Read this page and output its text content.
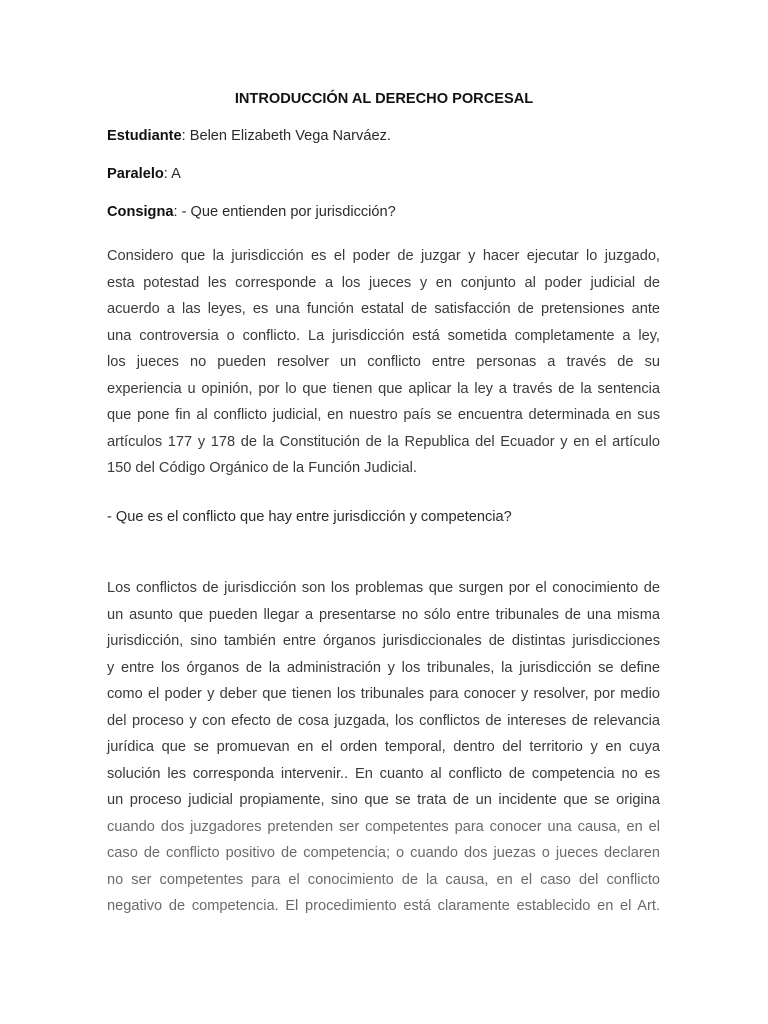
INTRODUCCIÓN AL DERECHO PORCESAL

Estudiante: Belen Elizabeth Vega Narváez.

Paralelo: A

Consigna: - Que entienden por jurisdicción?

Considero que la jurisdicción es el poder de juzgar y hacer ejecutar lo juzgado,
esta potestad les corresponde a los jueces y en conjunto al poder judicial de
acuerdo a las leyes, es una función estatal de satisfacción de pretensiones ante
una controversia o conflicto. La jurisdicción está sometida completamente a ley,
los jueces no pueden resolver un conflicto entre personas a través de su
experiencia u opinión, por lo que tienen que aplicar la ley a través de la sentencia
que pone fin al conflicto judicial, en nuestro país se encuentra determinada en sus
artículos 177 y 178 de la Constitución de la Republica del Ecuador y en el artículo
150 del Código Orgánico de la Función Judicial.

- Que es el conflicto que hay entre jurisdicción y competencia?

Los conflictos de jurisdicción son los problemas que surgen por el conocimiento de
un asunto que pueden llegar a presentarse no sólo entre tribunales de una misma
jurisdicción, sino también entre órganos jurisdiccionales de distintas jurisdicciones
y entre los órganos de la administración y los tribunales, la jurisdicción se define
como el poder y deber que tienen los tribunales para conocer y resolver, por medio
del proceso y con efecto de cosa juzgada, los conflictos de intereses de relevancia
jurídica que se promuevan en el orden temporal, dentro del territorio y en cuya
solución les corresponda intervenir.. En cuanto al conflicto de competencia no es
un proceso judicial propiamente, sino que se trata de un incidente que se origina
cuando dos juzgadores pretenden ser competentes para conocer una causa, en el
caso de conflicto positivo de competencia; o cuando dos juezas o jueces declaren
no ser competentes para el conocimiento de la causa, en el caso del conflicto
negativo de competencia. El procedimiento está claramente establecido en el Art.
